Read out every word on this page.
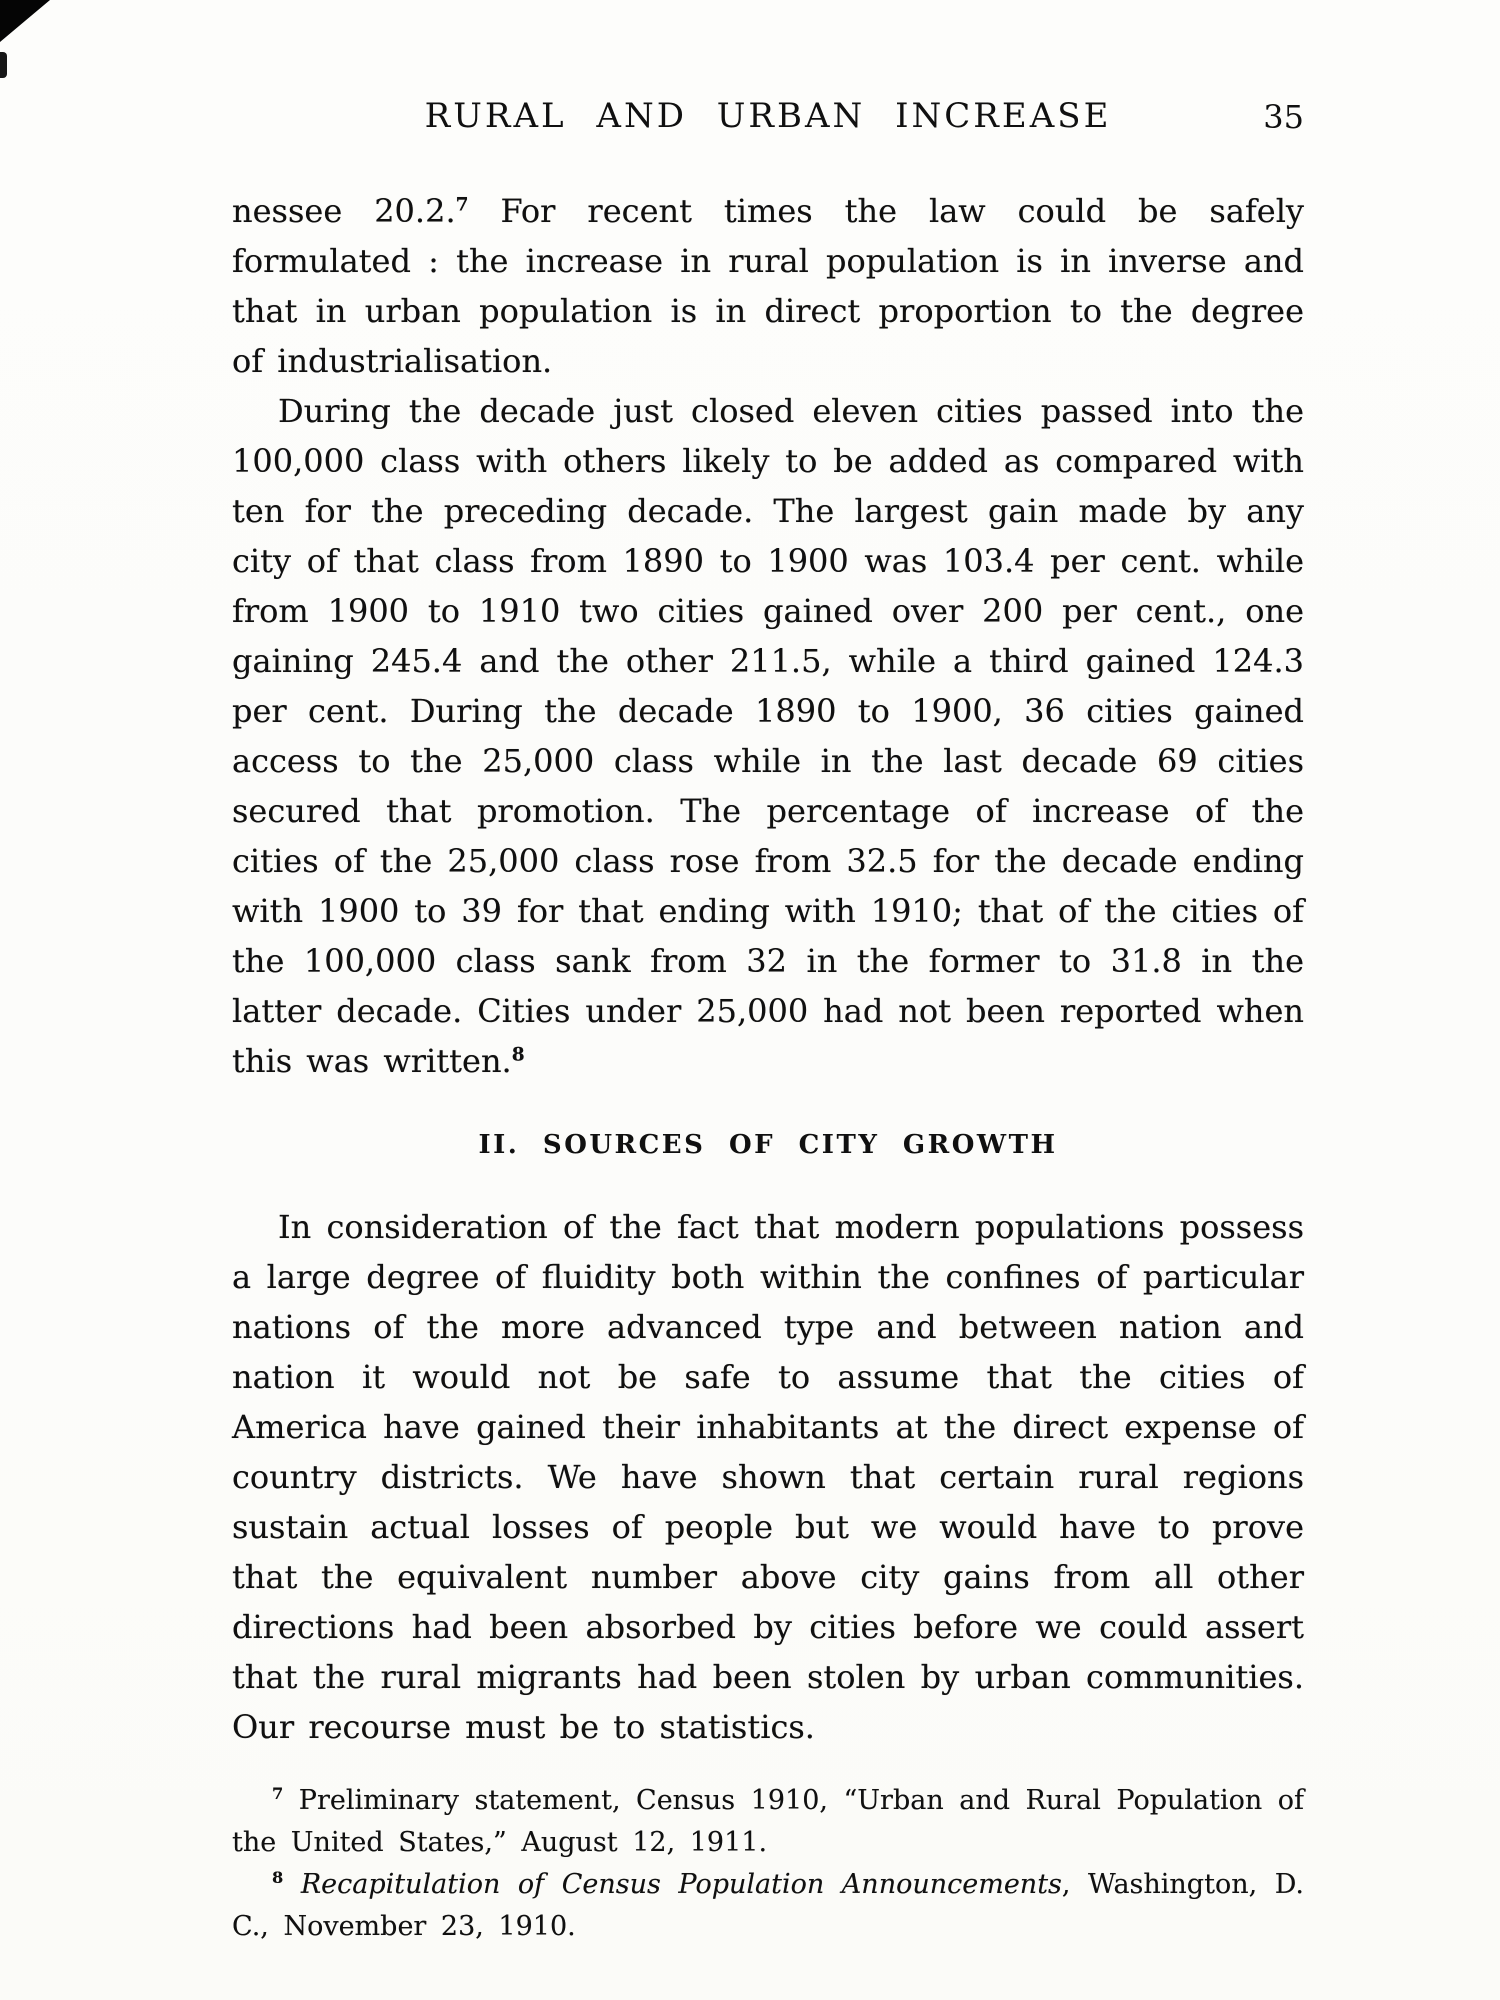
RURAL AND URBAN INCREASE	35

nessee 20.2.$^7$ For recent times the law could be safely formulated : the increase in rural population is in inverse and that in urban population is in direct proportion to the degree of industrialisation.

During the decade just closed eleven cities passed into the 100,000 class with others likely to be added as compared with ten for the preceding decade. The largest gain made by any city of that class from 1890 to 1900 was 103.4 per cent. while from 1900 to 1910 two cities gained over 200 per cent., one gaining 245.4 and the other 211.5, while a third gained 124.3 per cent. During the decade 1890 to 1900, 36 cities gained access to the 25,000 class while in the last decade 69 cities secured that promotion. The percentage of increase of the cities of the 25,000 class rose from 32.5 for the decade ending with 1900 to 39 for that ending with 1910; that of the cities of the 100,000 class sank from 32 in the former to 31.8 in the latter decade. Cities under 25,000 had not been reported when this was written.$^8$

II. SOURCES OF CITY GROWTH

In consideration of the fact that modern populations possess a large degree of fluidity both within the confines of particular nations of the more advanced type and between nation and nation it would not be safe to assume that the cities of America have gained their inhabitants at the direct expense of country districts. We have shown that certain rural regions sustain actual losses of people but we would have to prove that the equivalent number above city gains from all other directions had been absorbed by cities before we could assert that the rural migrants had been stolen by urban communities. Our recourse must be to statistics.

$^7$ Preliminary statement, Census 1910, “Urban and Rural Population of the United States,” August 12, 1911.

$^8$ Recapitulation of Census Population Announcements, Washington, D. C., November 23, 1910.
